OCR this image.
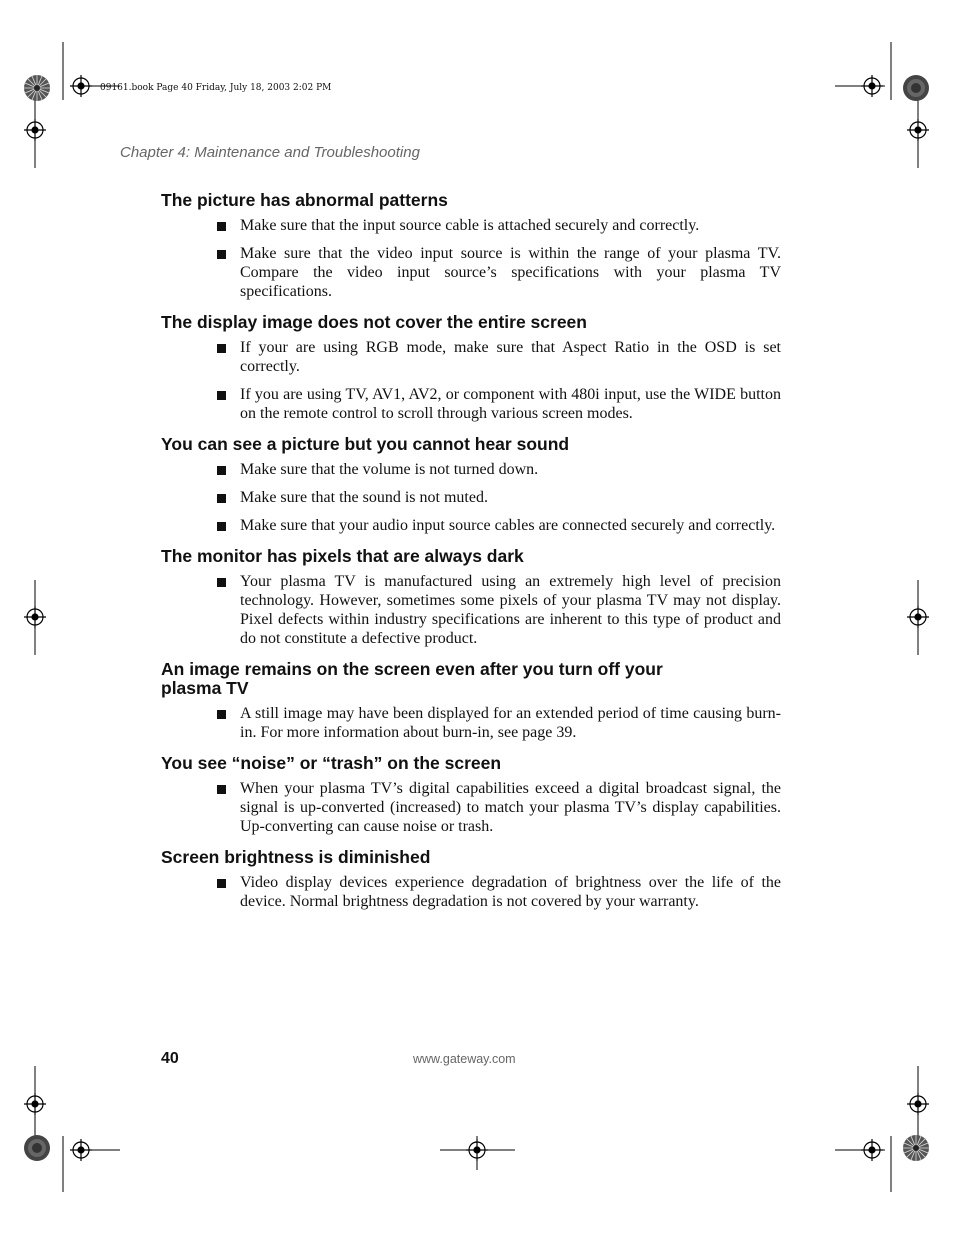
09161.book Page 40 Friday, July 18, 2003 2:02 PM
Chapter 4: Maintenance and Troubleshooting
The picture has abnormal patterns
Make sure that the input source cable is attached securely and correctly.
Make sure that the video input source is within the range of your plasma TV. Compare the video input source’s specifications with your plasma TV specifications.
The display image does not cover the entire screen
If your are using RGB mode, make sure that Aspect Ratio in the OSD is set correctly.
If you are using TV, AV1, AV2, or component with 480i input, use the WIDE button on the remote control to scroll through various screen modes.
You can see a picture but you cannot hear sound
Make sure that the volume is not turned down.
Make sure that the sound is not muted.
Make sure that your audio input source cables are connected securely and correctly.
The monitor has pixels that are always dark
Your plasma TV is manufactured using an extremely high level of precision technology. However, sometimes some pixels of your plasma TV may not display. Pixel defects within industry specifications are inherent to this type of product and do not constitute a defective product.
An image remains on the screen even after you turn off your plasma TV
A still image may have been displayed for an extended period of time causing burn-in. For more information about burn-in, see page 39.
You see “noise” or “trash” on the screen
When your plasma TV’s digital capabilities exceed a digital broadcast signal, the signal is up-converted (increased) to match your plasma TV’s display capabilities. Up-converting can cause noise or trash.
Screen brightness is diminished
Video display devices experience degradation of brightness over the life of the device. Normal brightness degradation is not covered by your warranty.
40	www.gateway.com
